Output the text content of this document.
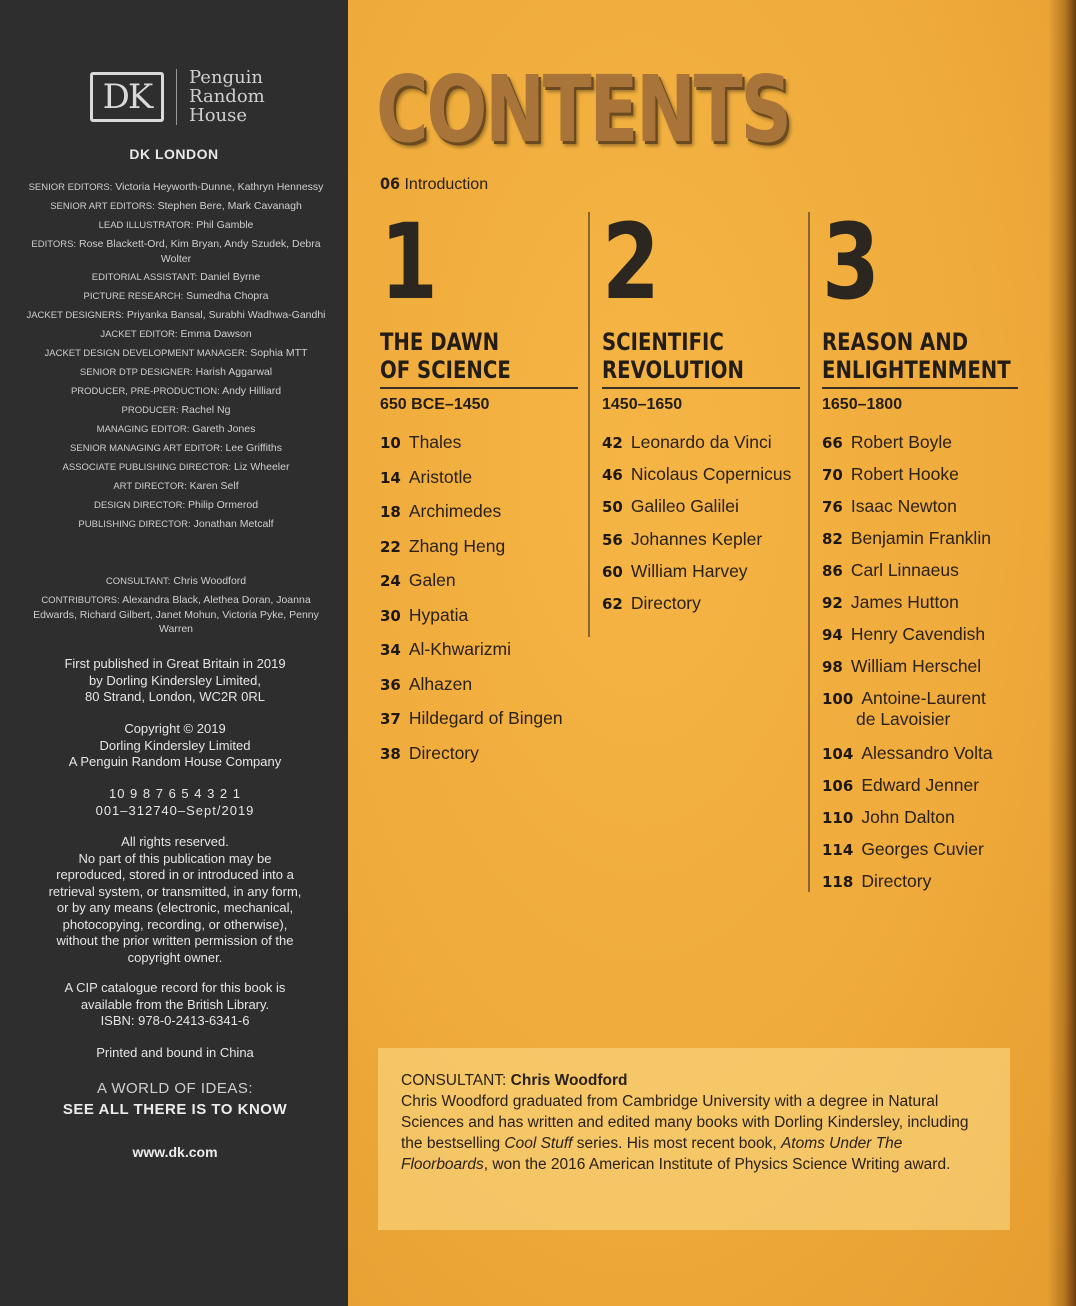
DK	Penguin
Random
House
DK LONDON
SENIOR EDITORS: Victoria Heyworth-Dunne, Kathryn Hennessy
SENIOR ART EDITORS: Stephen Bere, Mark Cavanagh
LEAD ILLUSTRATOR: Phil Gamble
EDITORS: Rose Blackett-Ord, Kim Bryan, Andy Szudek, Debra Wolter
EDITORIAL ASSISTANT: Daniel Byrne
PICTURE RESEARCH: Sumedha Chopra
JACKET DESIGNERS: Priyanka Bansal, Surabhi Wadhwa-Gandhi
JACKET EDITOR: Emma Dawson
JACKET DESIGN DEVELOPMENT MANAGER: Sophia MTT
SENIOR DTP DESIGNER: Harish Aggarwal
PRODUCER, PRE-PRODUCTION: Andy Hilliard
PRODUCER: Rachel Ng
MANAGING EDITOR: Gareth Jones
SENIOR MANAGING ART EDITOR: Lee Griffiths
ASSOCIATE PUBLISHING DIRECTOR: Liz Wheeler
ART DIRECTOR: Karen Self
DESIGN DIRECTOR: Philip Ormerod
PUBLISHING DIRECTOR: Jonathan Metcalf
CONSULTANT: Chris Woodford
CONTRIBUTORS: Alexandra Black, Alethea Doran, Joanna Edwards, Richard Gilbert, Janet Mohun, Victoria Pyke, Penny Warren
First published in Great Britain in 2019
by Dorling Kindersley Limited,
80 Strand, London, WC2R 0RL
Copyright © 2019
Dorling Kindersley Limited
A Penguin Random House Company
10 9 8 7 6 5 4 3 2 1
001–312740–Sept/2019
All rights reserved.
No part of this publication may be
reproduced, stored in or introduced into a
retrieval system, or transmitted, in any form,
or by any means (electronic, mechanical,
photocopying, recording, or otherwise),
without the prior written permission of the
copyright owner.
A CIP catalogue record for this book is
available from the British Library.
ISBN: 978-0-2413-6341-6
Printed and bound in China
A WORLD OF IDEAS:
SEE ALL THERE IS TO KNOW
www.dk.com
CONTENTS
06 Introduction
1
THE DAWN
OF SCIENCE
650 BCE–1450
10 Thales
14 Aristotle
18 Archimedes
22 Zhang Heng
24 Galen
30 Hypatia
34 Al-Khwarizmi
36 Alhazen
37 Hildegard of Bingen
38 Directory
2
SCIENTIFIC
REVOLUTION
1450–1650
42 Leonardo da Vinci
46 Nicolaus Copernicus
50 Galileo Galilei
56 Johannes Kepler
60 William Harvey
62 Directory
3
REASON AND
ENLIGHTENMENT
1650–1800
66 Robert Boyle
70 Robert Hooke
76 Isaac Newton
82 Benjamin Franklin
86 Carl Linnaeus
92 James Hutton
94 Henry Cavendish
98 William Herschel
100 Antoine-Laurent
de Lavoisier
104 Alessandro Volta
106 Edward Jenner
110 John Dalton
114 Georges Cuvier
118 Directory
CONSULTANT: Chris Woodford
Chris Woodford graduated from Cambridge University with a degree in Natural Sciences and has written and edited many books with Dorling Kindersley, including the bestselling Cool Stuff series. His most recent book, Atoms Under The Floorboards, won the 2016 American Institute of Physics Science Writing award.
